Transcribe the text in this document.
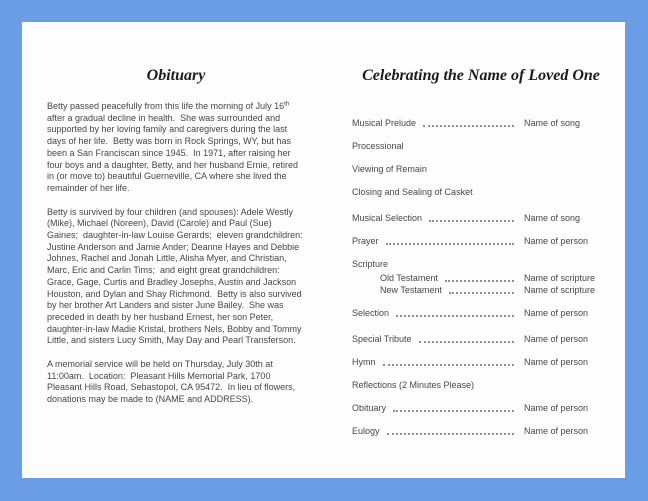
Obituary

Betty passed peacefully from this life the morning of July 16th after a gradual decline in health.  She was surrounded and supported by her loving family and caregivers during the last days of her life.  Betty was born in Rock Springs, WY, but has been a San Franciscan since 1945.  In 1971, after raising her four boys and a daughter, Betty, and her husband Ernie, retired in (or move to) beautiful Guerneville, CA where she lived the remainder of her life.

Betty is survived by four children (and spouses): Adele Westly (Mike), Michael (Noreen), David (Carole) and Paul (Sue) Gaines;  daughter-in-law Louise Gerards;  eleven grandchildren: Justine Anderson and Jamie Ander; Deanne Hayes and Debbie Johnes, Rachel and Jonah Little, Alisha Myer, and Christian, Marc, Eric and Carlin Tims;  and eight great grandchildren: Grace, Gage, Curtis and Bradley Josephs, Austin and Jackson Houston, and Dylan and Shay Richmond.  Betty is also survived by her brother Art Landers and sister June Bailey.  She was preceded in death by her husband Ernest, her son Peter, daughter-in-law Madie Kristal, brothers Nels, Bobby and Tommy Little, and sisters Lucy Smith, May Day and Pearl Transferson.

A memorial service will be held on Thursday, July 30th at 11:00am.  Location:  Pleasant Hills Memorial Park, 1700 Pleasant Hills Road, Sebastopol, CA 95472.  In lieu of flowers, donations may be made to (NAME and ADDRESS).

Celebrating the Name of Loved One
Musical Prelude	Name of song
Processional
Viewing of Remain
Closing and Sealing of Casket
Musical Selection	Name of song
Prayer	Name of person
Scripture
Old Testament	Name of scripture
New Testament	Name of scripture
Selection	Name of person
Special Tribute	Name of person
Hymn	Name of person
Reflections (2 Minutes Please)
Obituary	Name of person
Eulogy	Name of person
